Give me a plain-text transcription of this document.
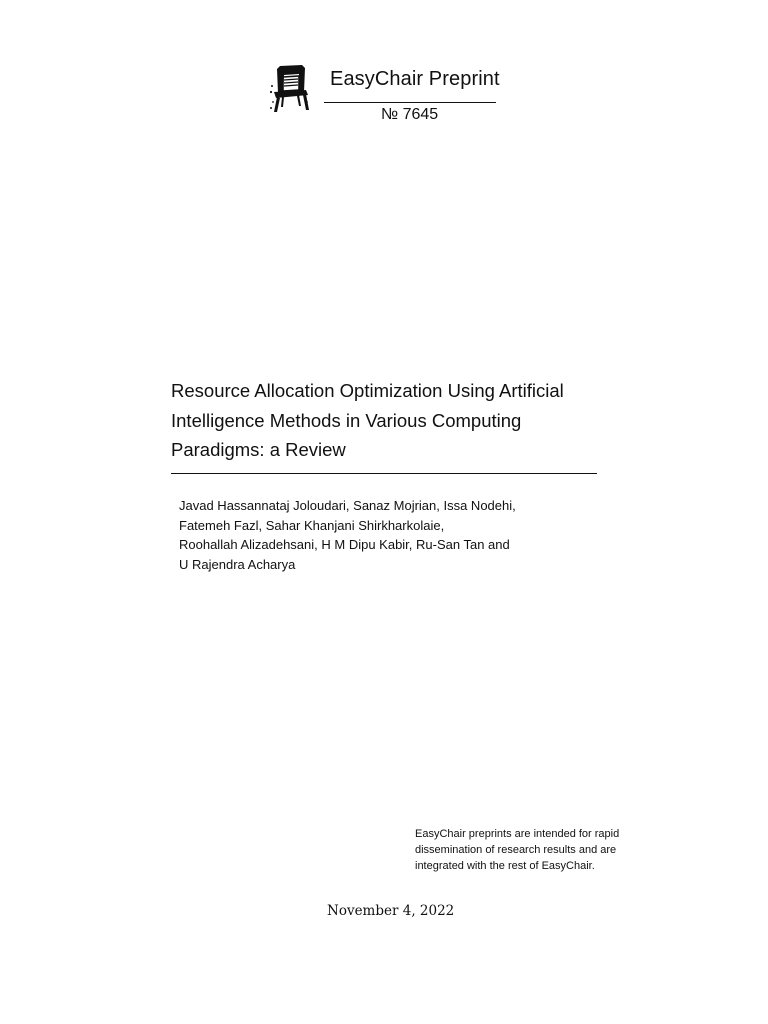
EasyChair Preprint
№ 7645
Resource Allocation Optimization Using Artificial
Intelligence Methods in Various Computing
Paradigms: a Review
Javad Hassannataj Joloudari, Sanaz Mojrian, Issa Nodehi,
Fatemeh Fazl, Sahar Khanjani Shirkharkolaie,
Roohallah Alizadehsani, H M Dipu Kabir, Ru-San Tan and
U Rajendra Acharya
EasyChair preprints are intended for rapid
dissemination of research results and are
integrated with the rest of EasyChair.
November 4, 2022
